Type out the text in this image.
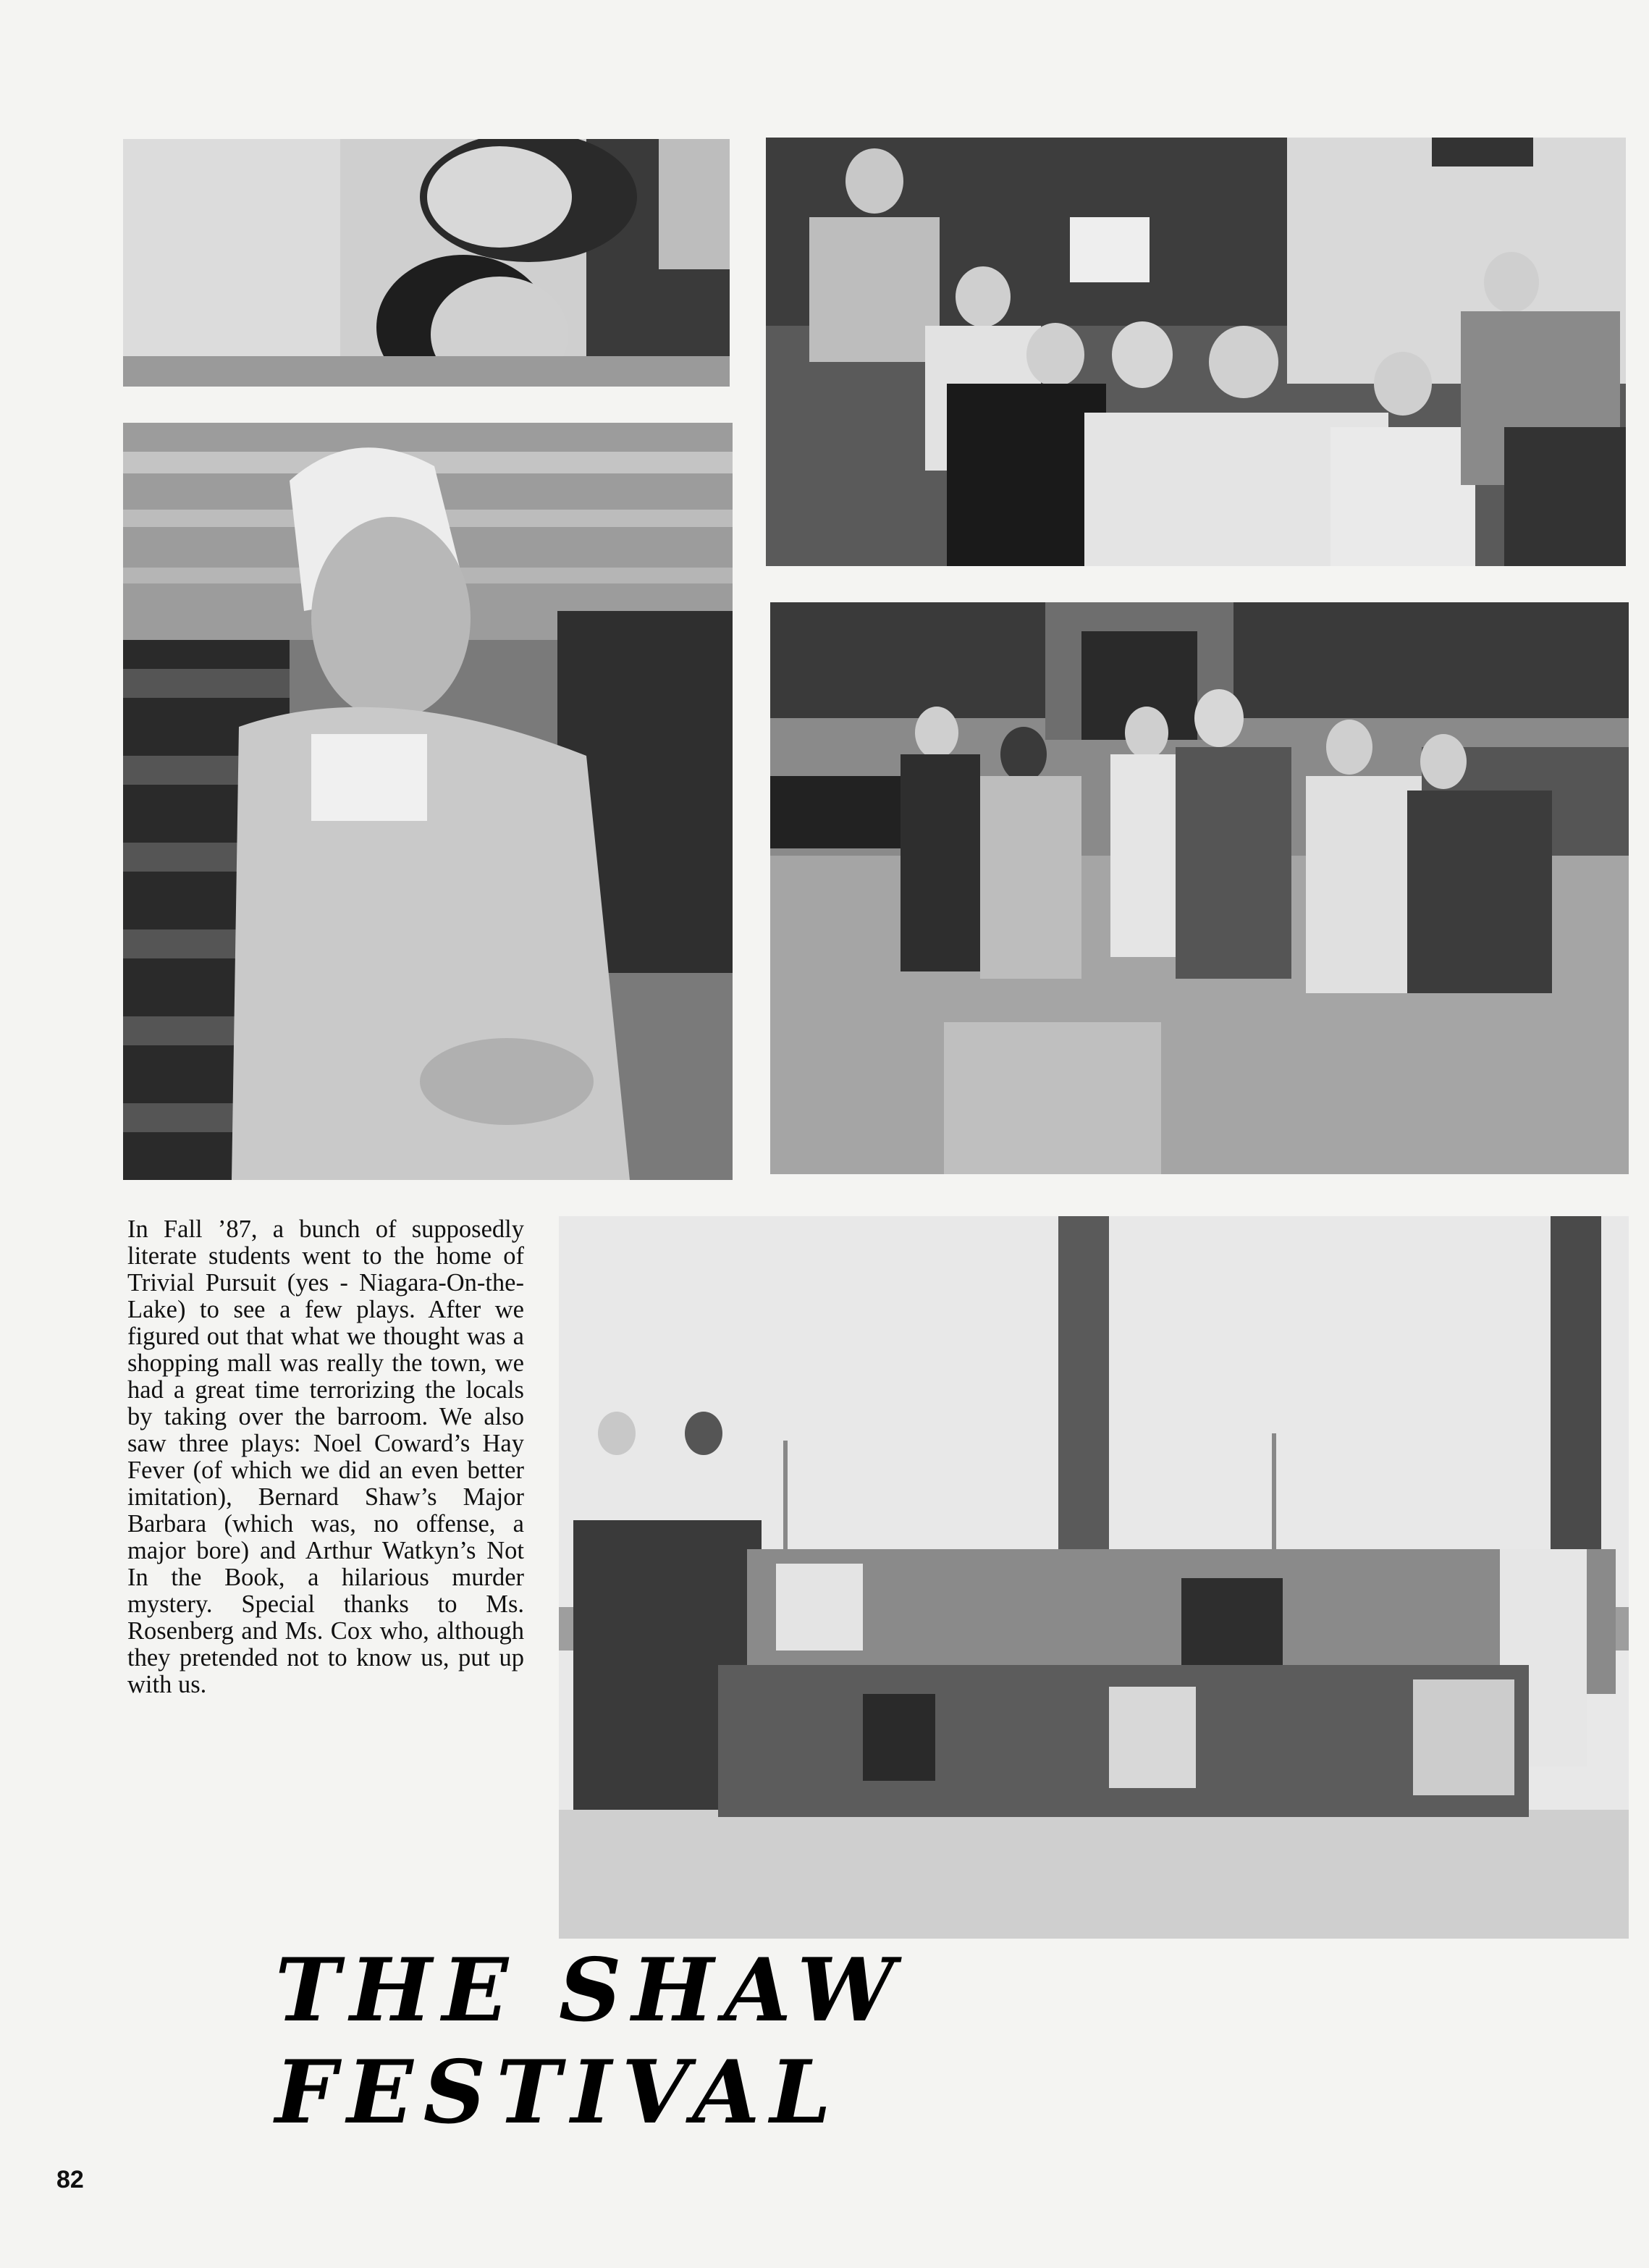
In Fall ’87, a bunch of supposedly literate students went to the home of Trivial Pursuit (yes - Niagara-On-the-Lake) to see a few plays. After we figured out that what we thought was a shopping mall was really the town, we had a great time terrorizing the locals by taking over the barroom. We also saw three plays: Noel Coward’s Hay Fever (of which we did an even better imitation), Bernard Shaw’s Major Barbara (which was, no offense, a major bore) and Arthur Watkyn’s Not In the Book, a hilarious murder mystery. Special thanks to Ms. Rosenberg and Ms. Cox who, although they pretended not to know us, put up with us.

THE SHAW FESTIVAL
82
